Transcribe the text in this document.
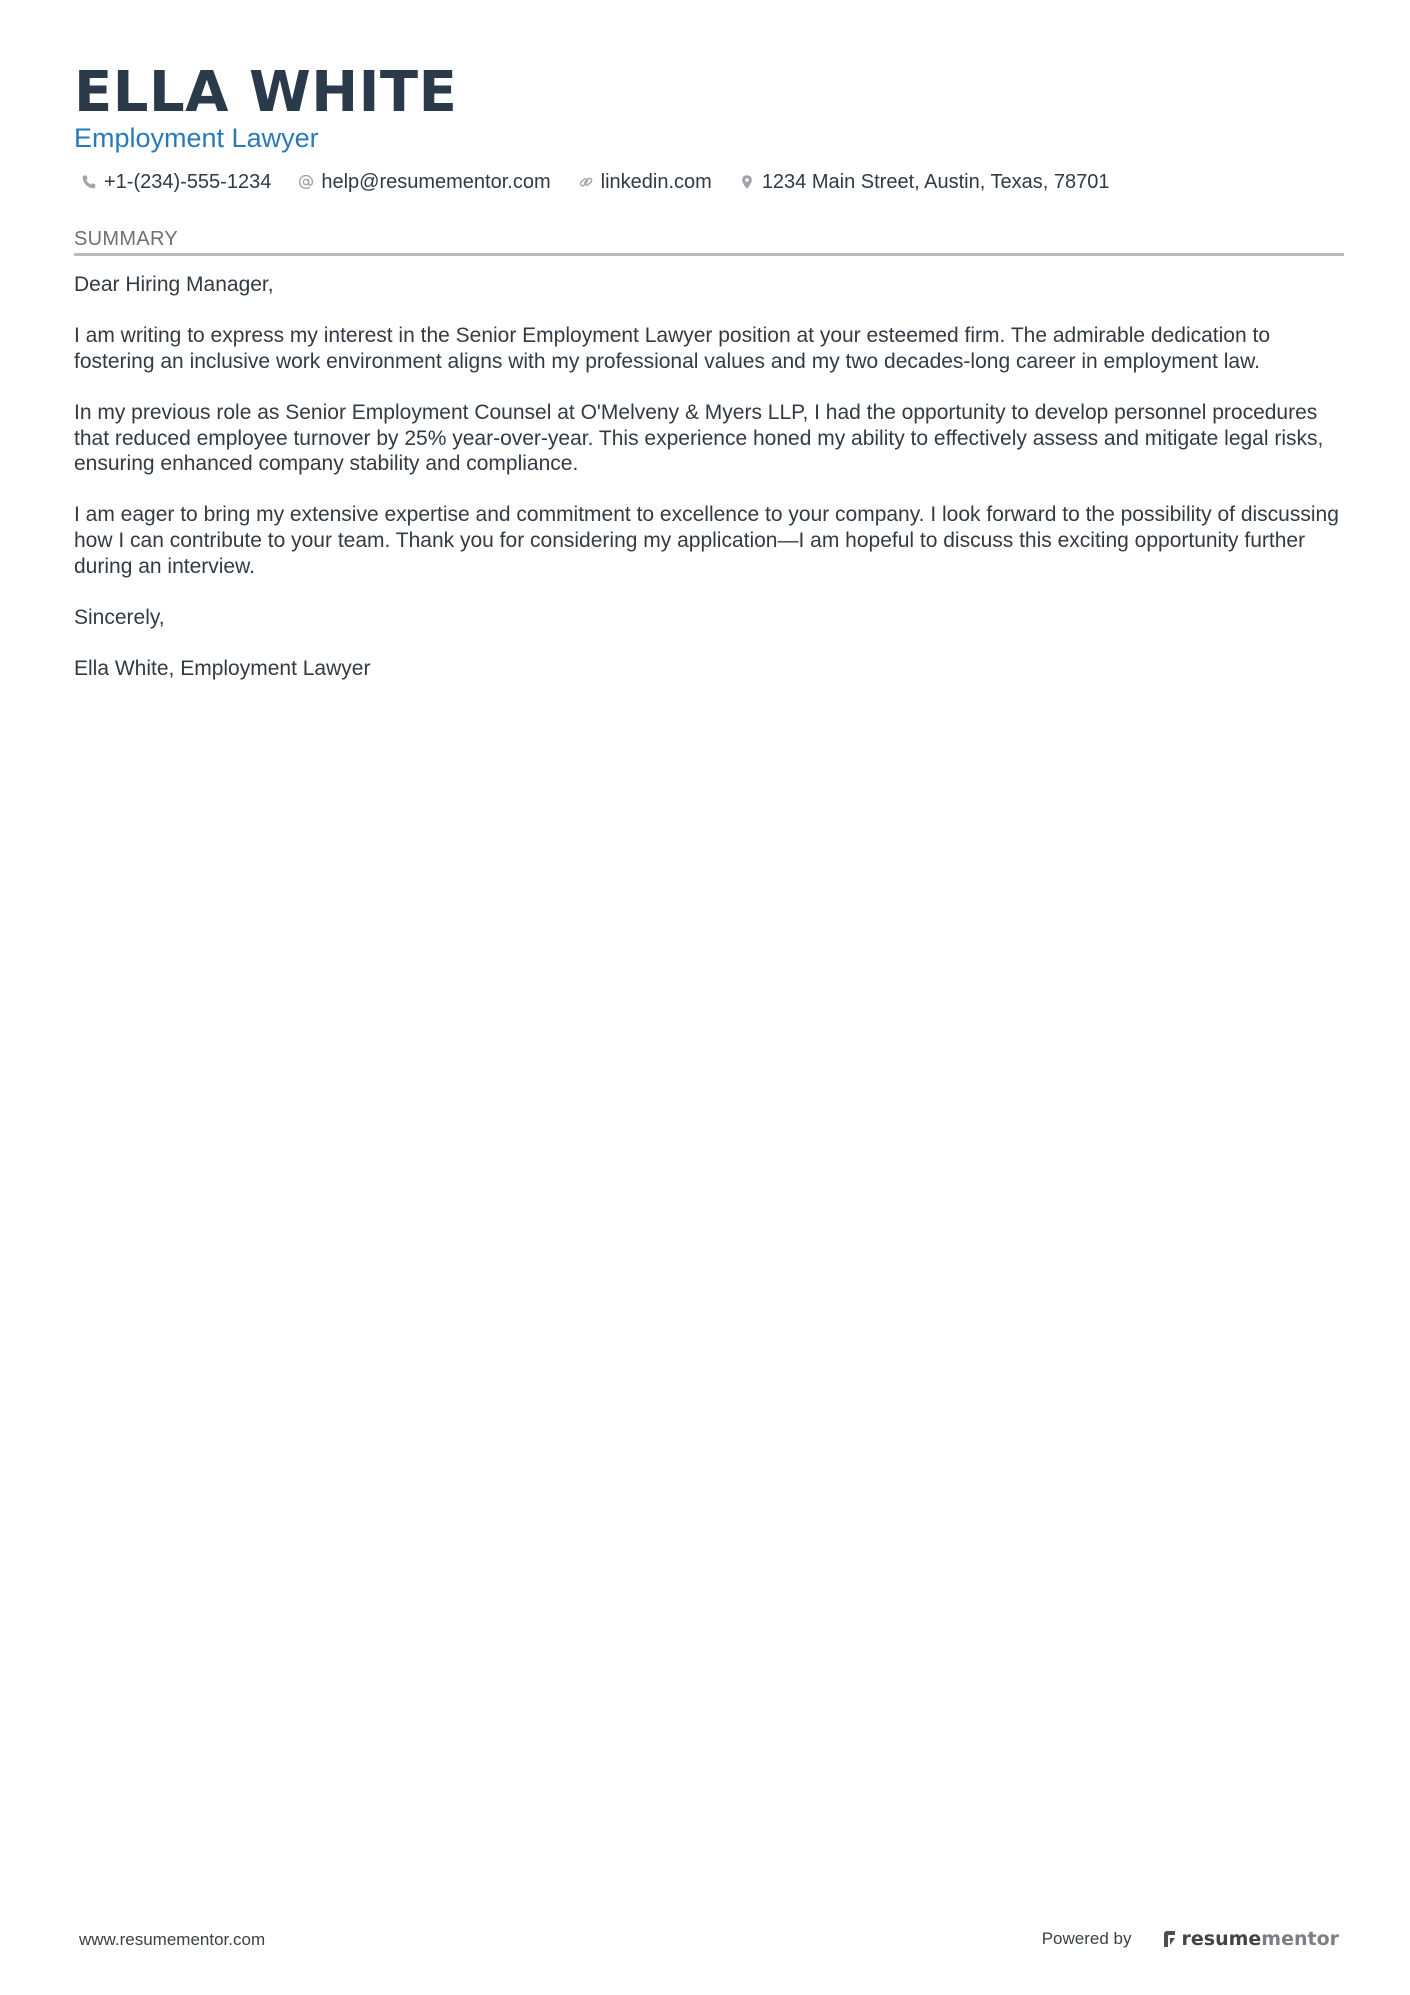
ELLA WHITE
Employment Lawyer
+1-(234)-555-1234	help@resumementor.com	linkedin.com	1234 Main Street, Austin, Texas, 78701
SUMMARY

Dear Hiring Manager,

I am writing to express my interest in the Senior Employment Lawyer position at your esteemed firm. The admirable dedication to fostering an inclusive work environment aligns with my professional values and my two decades-long career in employment law.

In my previous role as Senior Employment Counsel at O'Melveny & Myers LLP, I had the opportunity to develop personnel procedures that reduced employee turnover by 25% year-over-year. This experience honed my ability to effectively assess and mitigate legal risks, ensuring enhanced company stability and compliance.

I am eager to bring my extensive expertise and commitment to excellence to your company. I look forward to the possibility of discussing how I can contribute to your team. Thank you for considering my application—I am hopeful to discuss this exciting opportunity further during an interview.

Sincerely,

Ella White, Employment Lawyer

www.resumementor.com	Powered by	resume mentor
